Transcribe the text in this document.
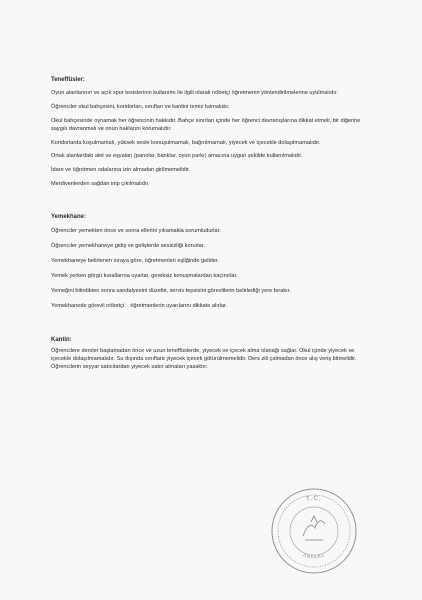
Teneffüsler:

Oyun alanlarının ve açık spor tesislerinin kullanımı ile ilgili olarak nöbetçi öğretmenin yönlendirilmelerine uyulmalıdır.

Öğrenciler okul bahçesini, koridorları, sınıfları ve kantini temiz tutmalıdır.

Okul bahçesinde oynamak her öğrencinin hakkıdır. Bahçe sınırları içinde her öğrenci davranışlarına dikkat etmeli, bir diğerine saygılı davranmalı ve onun haklarını korumalıdır.

Koridorlarda koşulmamalı, yüksek sesle konuşulmamalı, bağırılmamalı, yiyecek ve içecekle dolaşılmamalıdır.

Ortak alanlardaki alet ve eşyaları (panolar, banklar, oyun parkı) amacına uygun şekilde kullanılmalıdır.

İdare ve öğretmen odalarına izin almadan girilmemelidir.

Merdivenlerden sağdan inip çıkılmalıdır.

Yemekhane:

Öğrenciler yemekten önce ve sonra ellerini yıkamakla sorumludurlar.

Öğrenciler yemekhaneye gidiş ve gelişlerde sessizliği korurlar.

Yemekhaneye belirlenen sıraya göre, öğretmenleri eşliğinde gelirler.

Yemek yerken görgü kurallarına uyarlar, gereksiz konuşmalardan kaçınırlar.

Yemeğini bitirdikten sonra sandalyesini düzeltir, servis tepsisini görevlilerin belirlediği yere bırakır.

Yemekhanede görevli nöbetçi    öğretmenlerin uyarılarını dikkate alırlar.

Kantin:

Öğrencilere dersler başlamadan önce ve uzun teneffüslerde, yiyecek ve içecek alma olanağı sağlar. Okul içinde yiyecek ve içecekle dolaşılmamalıdır. Su dışında sınıflara yiyecek içecek götürülmemelidir. Ders zili çalmadan önce alış veriş bitmelidir. Öğrencilerin seyyar satıcılardan yiyecek satın almaları yasaktır.

T.C.
ANKARA
